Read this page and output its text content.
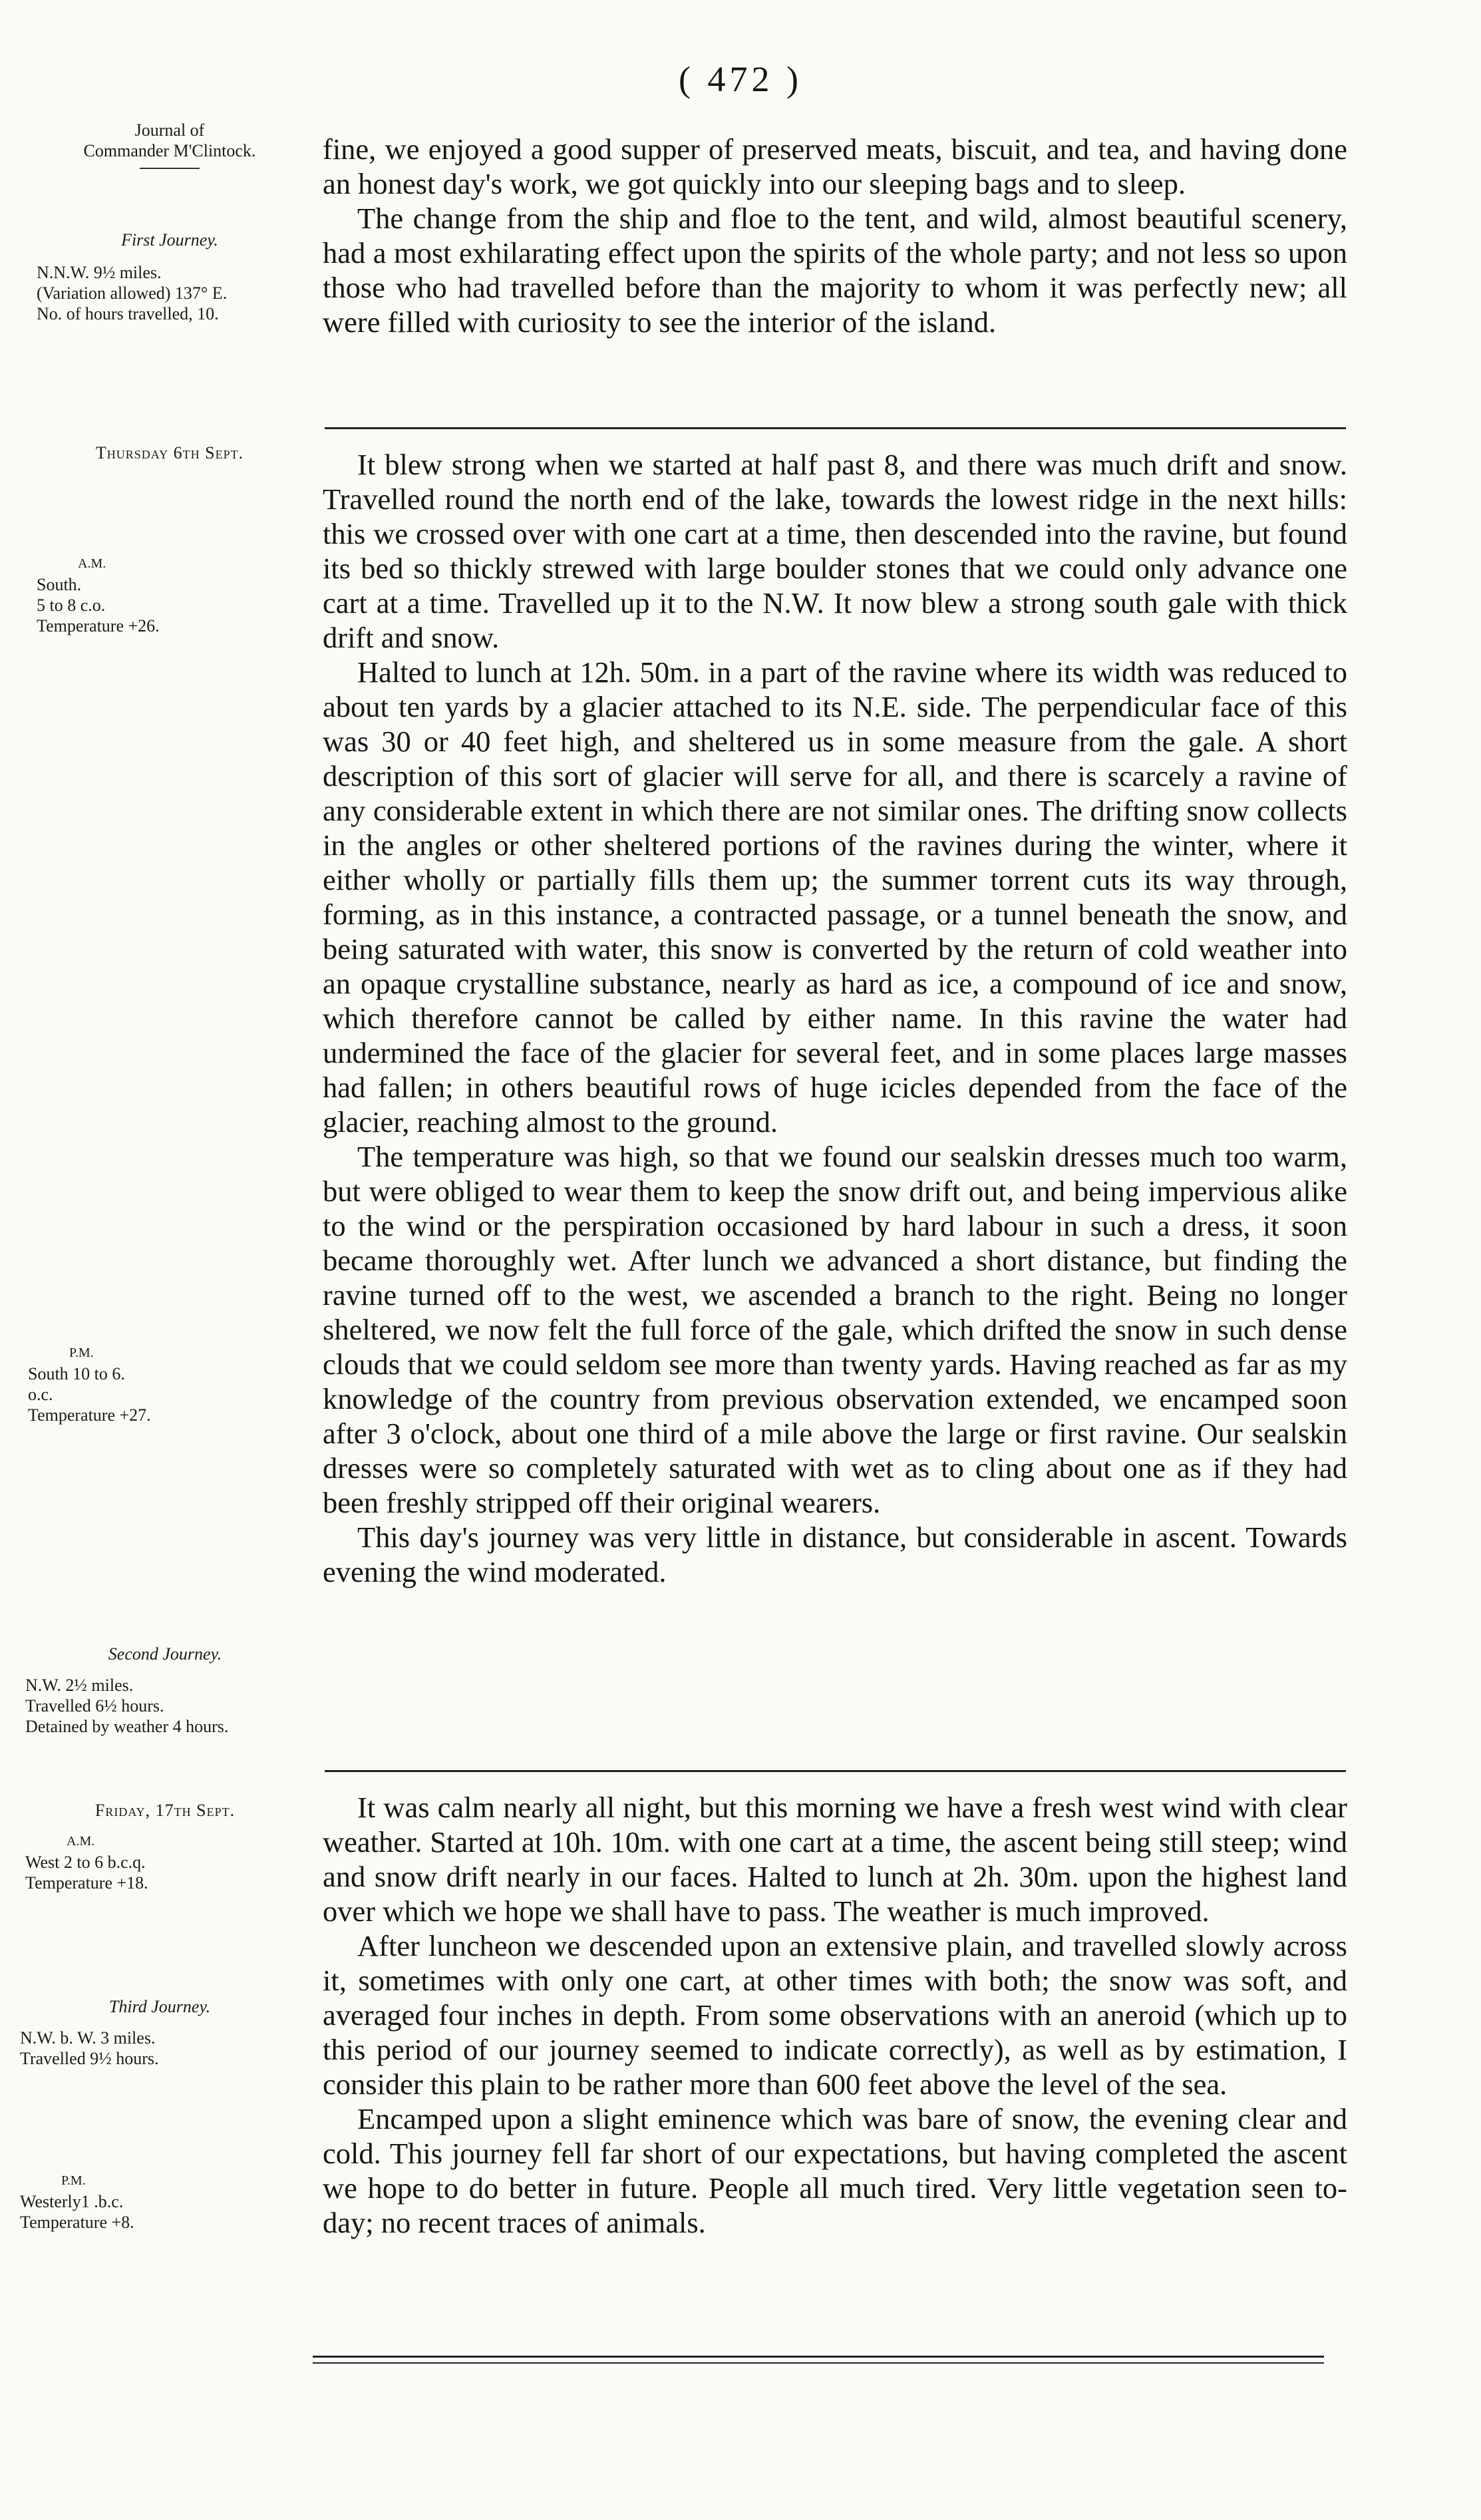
( 472 )
Journal of
Commander M'Clintock.
First Journey.
N.N.W. 9½ miles.
(Variation allowed) 137° E.
No. of hours travelled, 10.
Thursday 6th Sept.
A.M.
South.
5 to 8 c.o.
Temperature +26.
P.M.
South 10 to 6.
o.c.
Temperature +27.
Second Journey.
N.W. 2½ miles.
Travelled 6½ hours.
Detained by weather 4 hours.
Friday, 17th Sept.
A.M.
West 2 to 6 b.c.q.
Temperature +18.
Third Journey.
N.W. b. W. 3 miles.
Travelled 9½ hours.
P.M.
Westerly1 .b.c.
Temperature +8.

fine, we enjoyed a good supper of preserved meats, biscuit, and tea, and having done an honest day's work, we got quickly into our sleeping bags and to sleep.

The change from the ship and floe to the tent, and wild, almost beautiful scenery, had a most exhilarating effect upon the spirits of the whole party; and not less so upon those who had travelled before than the majority to whom it was perfectly new; all were filled with curiosity to see the interior of the island.

It blew strong when we started at half past 8, and there was much drift and snow. Travelled round the north end of the lake, towards the lowest ridge in the next hills: this we crossed over with one cart at a time, then descended into the ravine, but found its bed so thickly strewed with large boulder stones that we could only advance one cart at a time. Travelled up it to the N.W. It now blew a strong south gale with thick drift and snow.

Halted to lunch at 12h. 50m. in a part of the ravine where its width was reduced to about ten yards by a glacier attached to its N.E. side. The perpendicular face of this was 30 or 40 feet high, and sheltered us in some measure from the gale. A short description of this sort of glacier will serve for all, and there is scarcely a ravine of any considerable extent in which there are not similar ones. The drifting snow collects in the angles or other sheltered portions of the ravines during the winter, where it either wholly or partially fills them up; the summer torrent cuts its way through, forming, as in this instance, a contracted passage, or a tunnel beneath the snow, and being saturated with water, this snow is converted by the return of cold weather into an opaque crystalline substance, nearly as hard as ice, a compound of ice and snow, which therefore cannot be called by either name. In this ravine the water had undermined the face of the glacier for several feet, and in some places large masses had fallen; in others beautiful rows of huge icicles depended from the face of the glacier, reaching almost to the ground.

The temperature was high, so that we found our sealskin dresses much too warm, but were obliged to wear them to keep the snow drift out, and being impervious alike to the wind or the perspiration occasioned by hard labour in such a dress, it soon became thoroughly wet. After lunch we advanced a short distance, but finding the ravine turned off to the west, we ascended a branch to the right. Being no longer sheltered, we now felt the full force of the gale, which drifted the snow in such dense clouds that we could seldom see more than twenty yards. Having reached as far as my knowledge of the country from previous observation extended, we encamped soon after 3 o'clock, about one third of a mile above the large or first ravine. Our sealskin dresses were so completely saturated with wet as to cling about one as if they had been freshly stripped off their original wearers.

This day's journey was very little in distance, but considerable in ascent. Towards evening the wind moderated.

It was calm nearly all night, but this morning we have a fresh west wind with clear weather. Started at 10h. 10m. with one cart at a time, the ascent being still steep; wind and snow drift nearly in our faces. Halted to lunch at 2h. 30m. upon the highest land over which we hope we shall have to pass. The weather is much improved.

After luncheon we descended upon an extensive plain, and travelled slowly across it, sometimes with only one cart, at other times with both; the snow was soft, and averaged four inches in depth. From some observations with an aneroid (which up to this period of our journey seemed to indicate correctly), as well as by estimation, I consider this plain to be rather more than 600 feet above the level of the sea.

Encamped upon a slight eminence which was bare of snow, the evening clear and cold. This journey fell far short of our expectations, but having completed the ascent we hope to do better in future. People all much tired. Very little vegetation seen to-day; no recent traces of animals.
